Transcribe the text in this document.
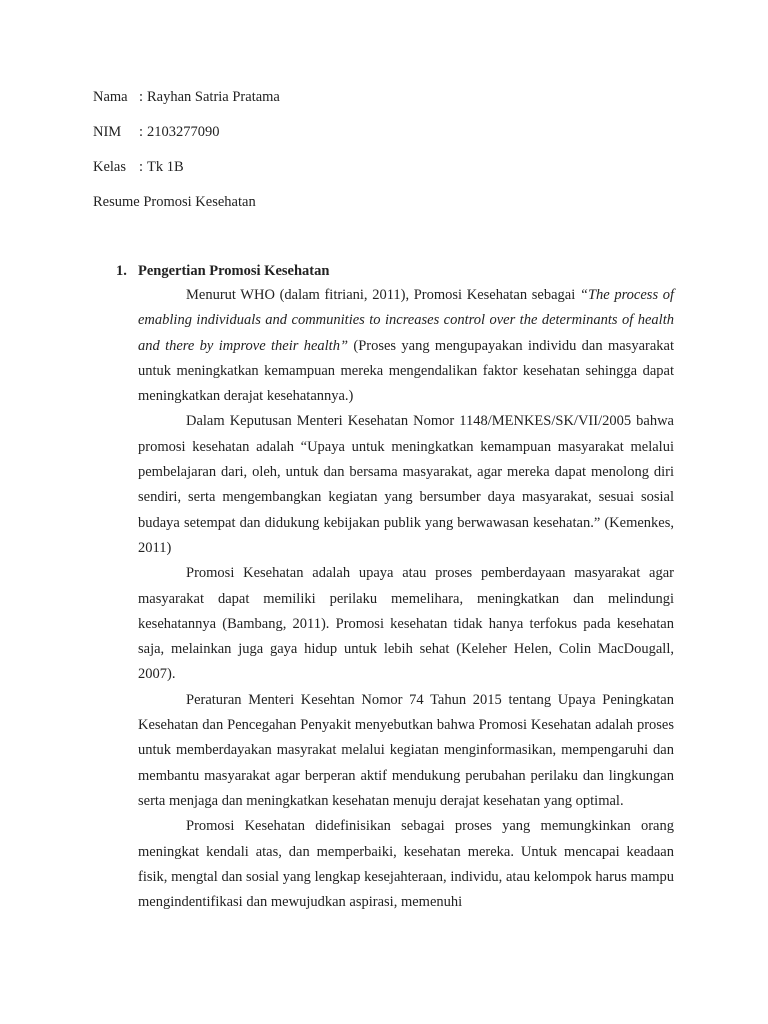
Nama : Rayhan Satria Pratama
NIM : 2103277090
Kelas : Tk 1B
Resume Promosi Kesehatan
1. Pengertian Promosi Kesehatan

Menurut WHO (dalam fitriani, 2011), Promosi Kesehatan sebagai “The process of emabling individuals and communities to increases control over the determinants of health and there by improve their health” (Proses yang mengupayakan individu dan masyarakat untuk meningkatkan kemampuan mereka mengendalikan faktor kesehatan sehingga dapat meningkatkan derajat kesehatannya.)

Dalam Keputusan Menteri Kesehatan Nomor 1148/MENKES/SK/VII/2005 bahwa promosi kesehatan adalah “Upaya untuk meningkatkan kemampuan masyarakat melalui pembelajaran dari, oleh, untuk dan bersama masyarakat, agar mereka dapat menolong diri sendiri, serta mengembangkan kegiatan yang bersumber daya masyarakat, sesuai sosial budaya setempat dan didukung kebijakan publik yang berwawasan kesehatan.” (Kemenkes, 2011)

Promosi Kesehatan adalah upaya atau proses pemberdayaan masyarakat agar masyarakat dapat memiliki perilaku memelihara, meningkatkan dan melindungi kesehatannya (Bambang, 2011). Promosi kesehatan tidak hanya terfokus pada kesehatan saja, melainkan juga gaya hidup untuk lebih sehat (Keleher Helen, Colin MacDougall, 2007).

Peraturan Menteri Kesehtan Nomor 74 Tahun 2015 tentang Upaya Peningkatan Kesehatan dan Pencegahan Penyakit menyebutkan bahwa Promosi Kesehatan adalah proses untuk memberdayakan masyrakat melalui kegiatan menginformasikan, mempengaruhi dan membantu masyarakat agar berperan aktif mendukung perubahan perilaku dan lingkungan serta menjaga dan meningkatkan kesehatan menuju derajat kesehatan yang optimal.

Promosi Kesehatan didefinisikan sebagai proses yang memungkinkan orang meningkat kendali atas, dan memperbaiki, kesehatan mereka. Untuk mencapai keadaan fisik, mengtal dan sosial yang lengkap kesejahteraan, individu, atau kelompok harus mampu mengindentifikasi dan mewujudkan aspirasi, memenuhi
